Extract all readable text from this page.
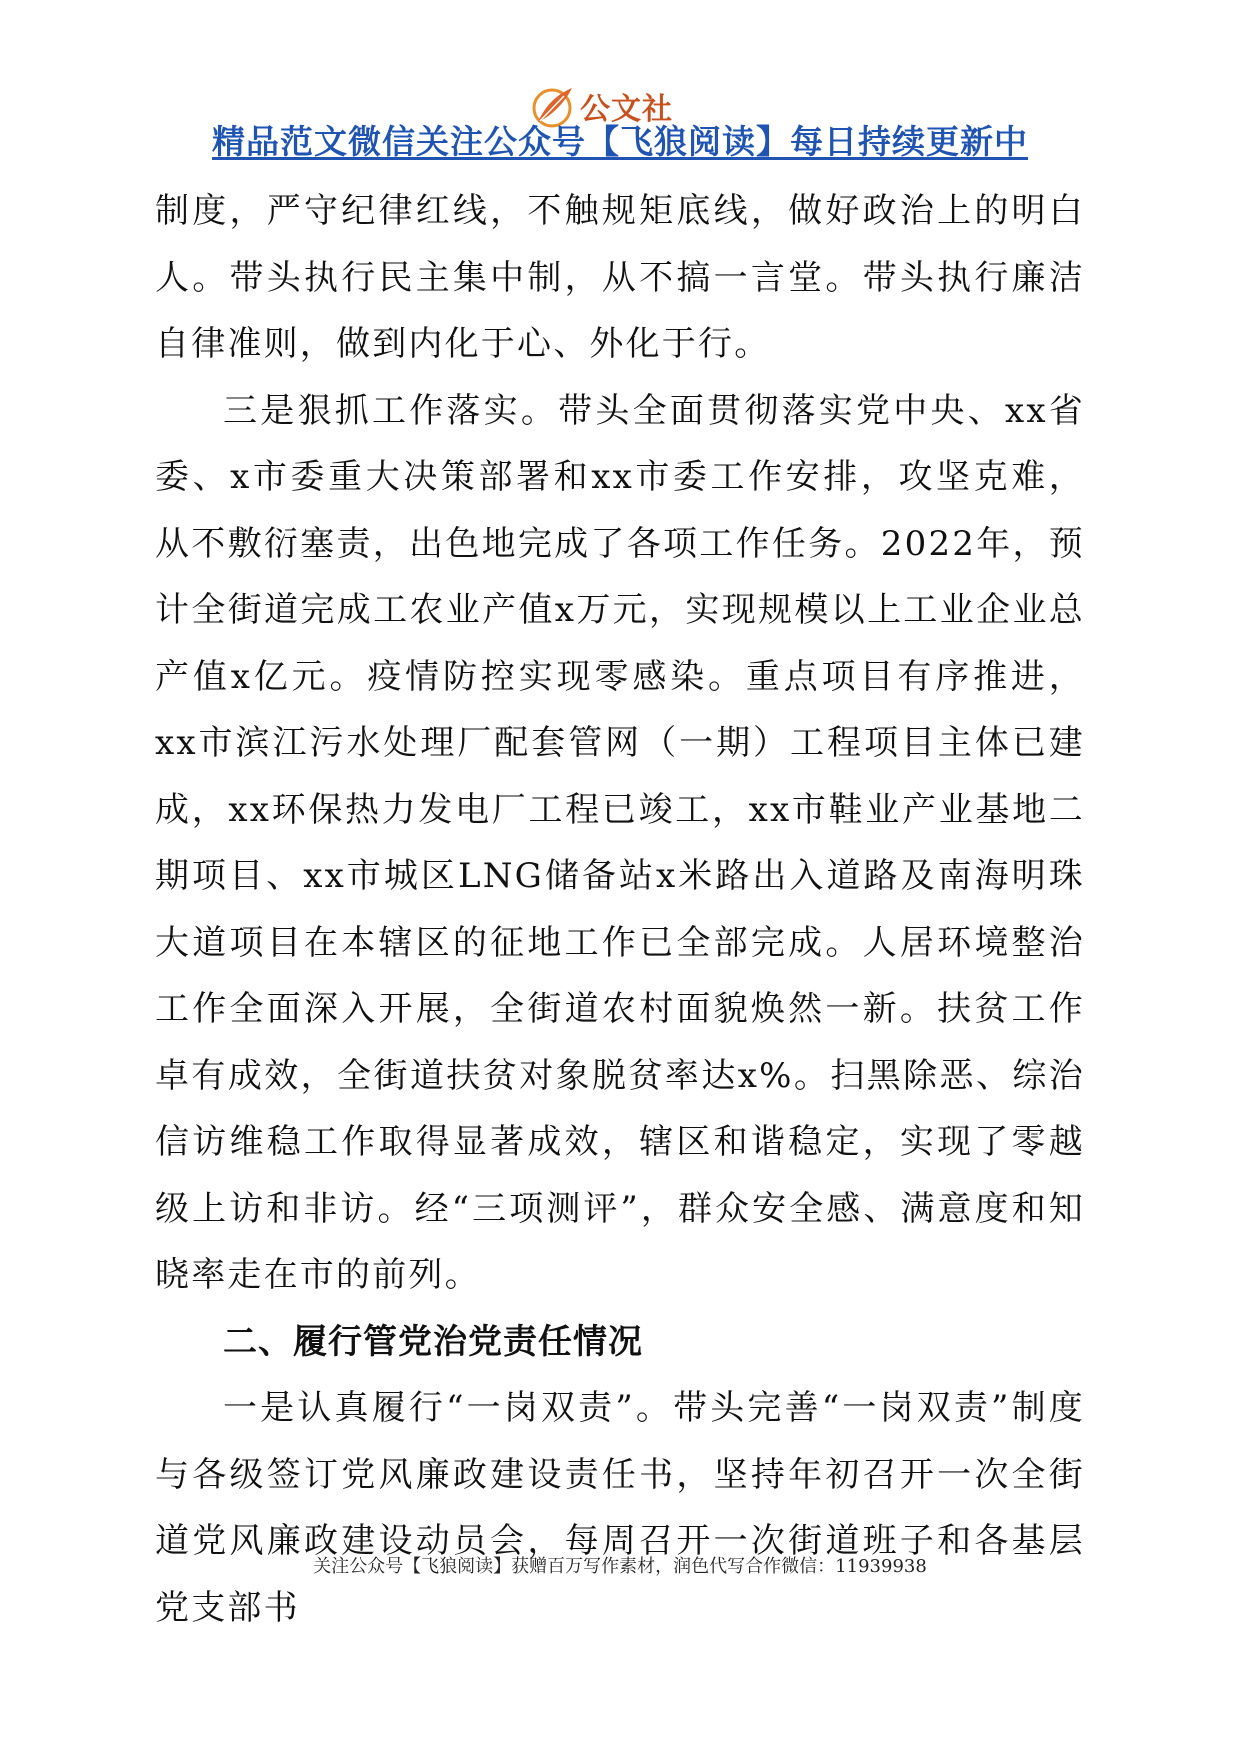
公文社
精品范文微信关注公众号【飞狼阅读】每日持续更新中

制度，严守纪律红线，不触规矩底线，做好政治上的明白人。带头执行民主集中制，从不搞一言堂。带头执行廉洁自律准则，做到内化于心、外化于行。

三是狠抓工作落实。带头全面贯彻落实党中央、xx省委、x市委重大决策部署和xx市委工作安排，攻坚克难，从不敷衍塞责，出色地完成了各项工作任务。2022年，预计全街道完成工农业产值x万元，实现规模以上工业企业总产值x亿元。疫情防控实现零感染。重点项目有序推进，xx市滨江污水处理厂配套管网（一期）工程项目主体已建成，xx环保热力发电厂工程已竣工，xx市鞋业产业基地二期项目、xx市城区LNG储备站x米路出入道路及南海明珠大道项目在本辖区的征地工作已全部完成。人居环境整治工作全面深入开展，全街道农村面貌焕然一新。扶贫工作卓有成效，全街道扶贫对象脱贫率达x%。扫黑除恶、综治信访维稳工作取得显著成效，辖区和谐稳定，实现了零越级上访和非访。经“三项测评”，群众安全感、满意度和知晓率走在市的前列。

二、履行管党治党责任情况

一是认真履行“一岗双责”。带头完善“一岗双责”制度与各级签订党风廉政建设责任书，坚持年初召开一次全街道党风廉政建设动员会，每周召开一次街道班子和各基层党支部书

关注公众号【飞狼阅读】获赠百万写作素材，润色代写合作微信：11939938
